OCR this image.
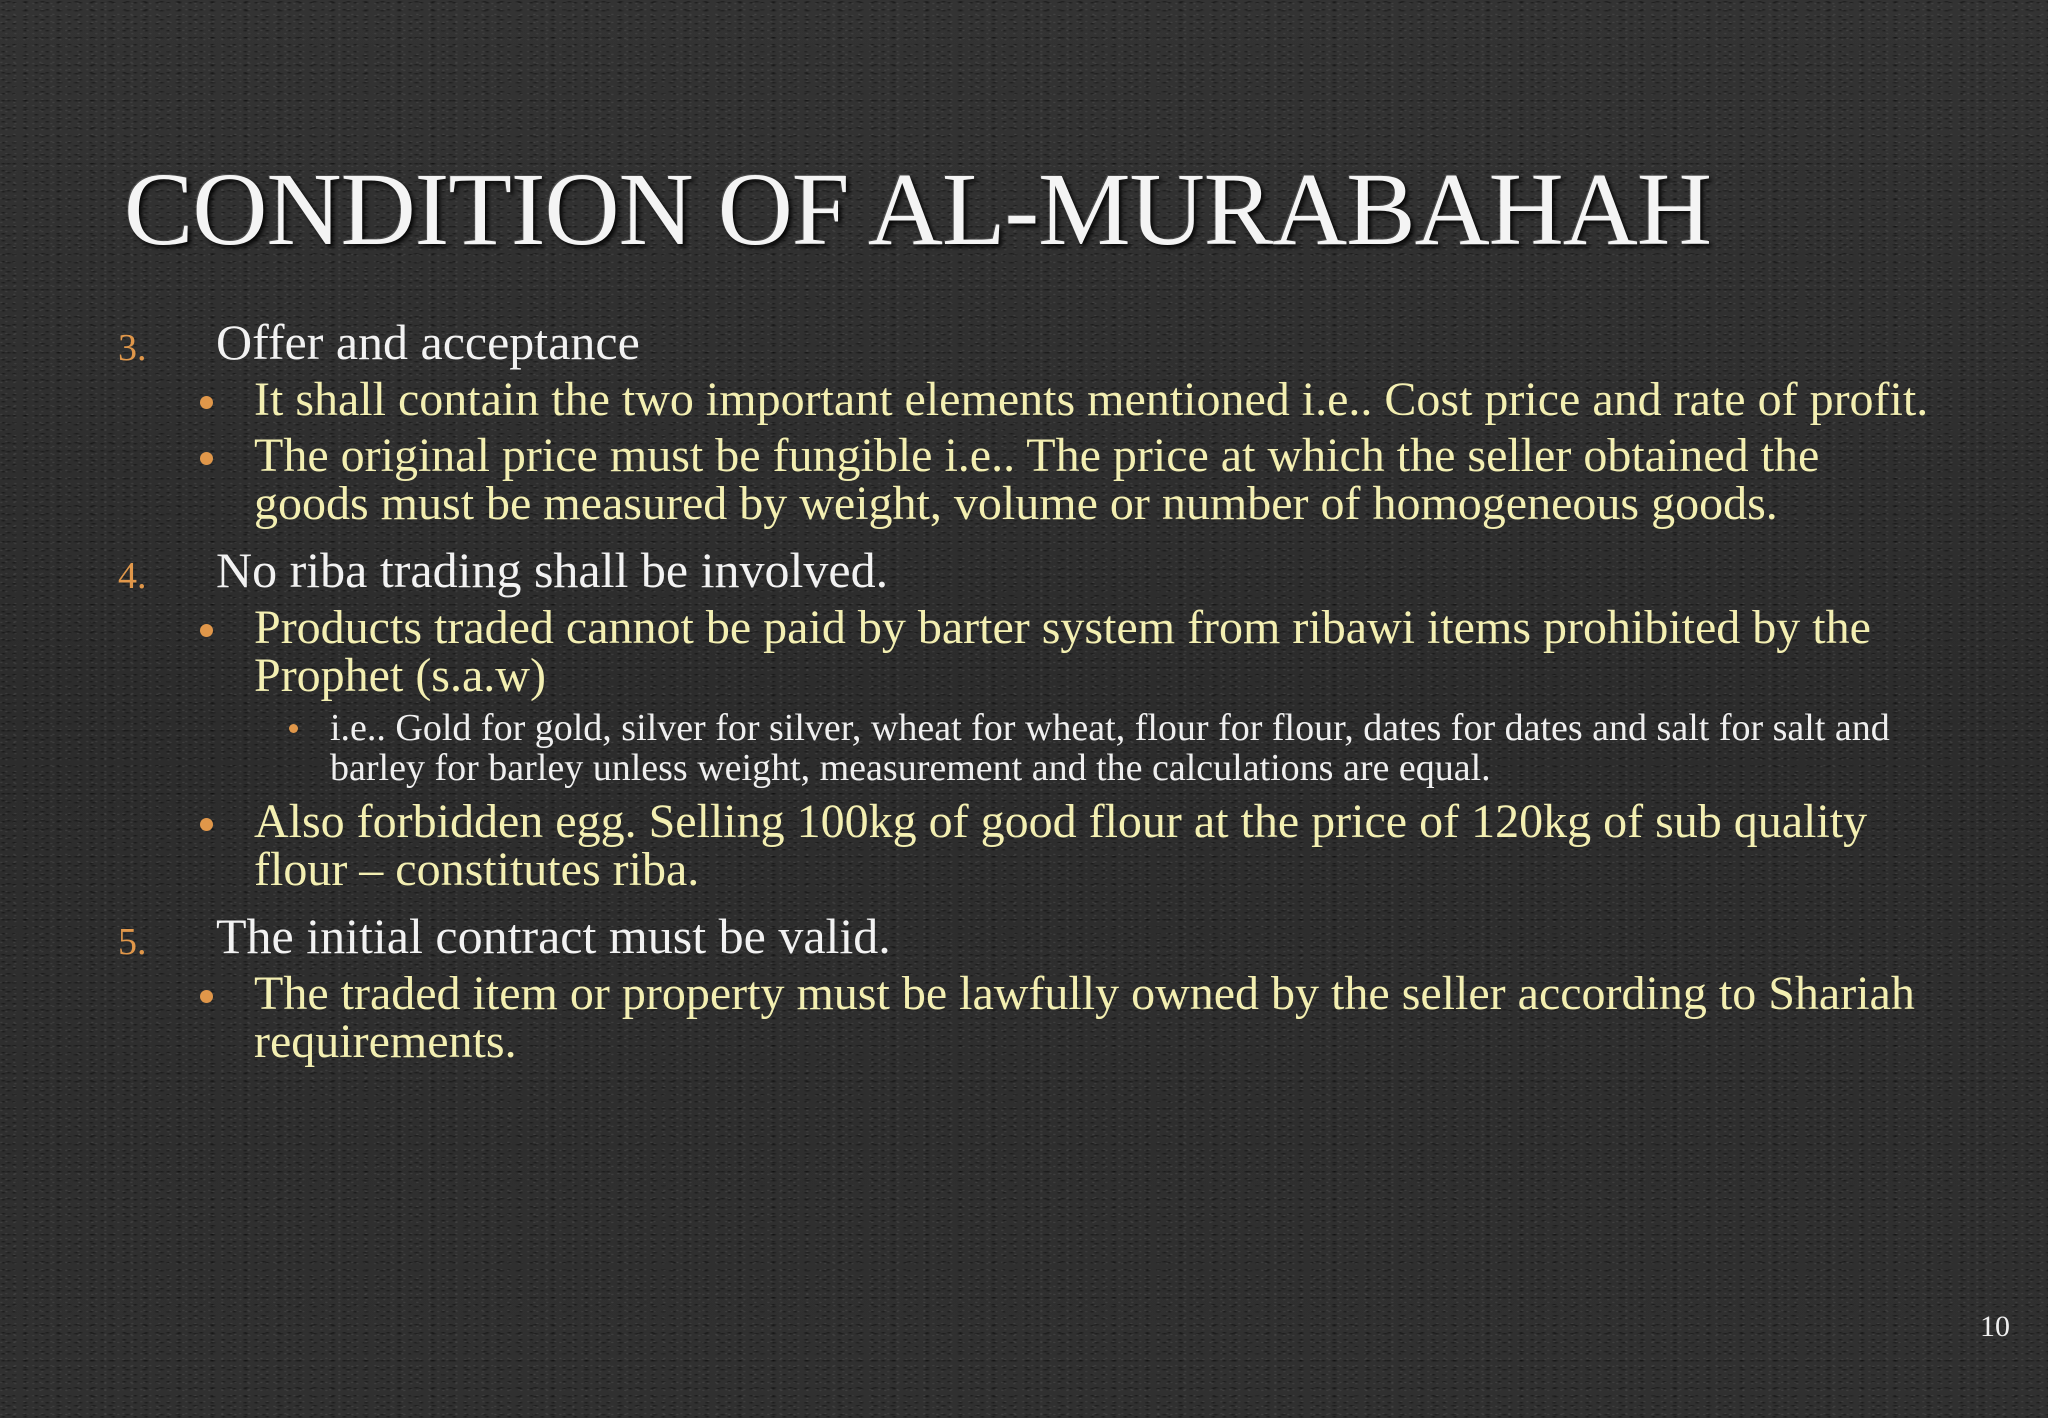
CONDITION OF AL-MURABAHAH
3. Offer and acceptance
It shall contain the two important elements mentioned i.e.. Cost price and rate of profit.
The original price must be fungible i.e.. The price at which the seller obtained the goods must be measured by weight, volume or number of homogeneous goods.
4. No riba trading shall be involved.
Products traded cannot be paid by barter system from ribawi items prohibited by the Prophet (s.a.w)
i.e.. Gold for gold, silver for silver, wheat for wheat, flour for flour, dates for dates and salt for salt and barley for barley unless weight, measurement and the calculations are equal.
Also forbidden egg. Selling 100kg of good flour at the price of 120kg of sub quality flour – constitutes riba.
5. The initial contract must be valid.
The traded item or property must be lawfully owned by the seller according to Shariah requirements.
10
